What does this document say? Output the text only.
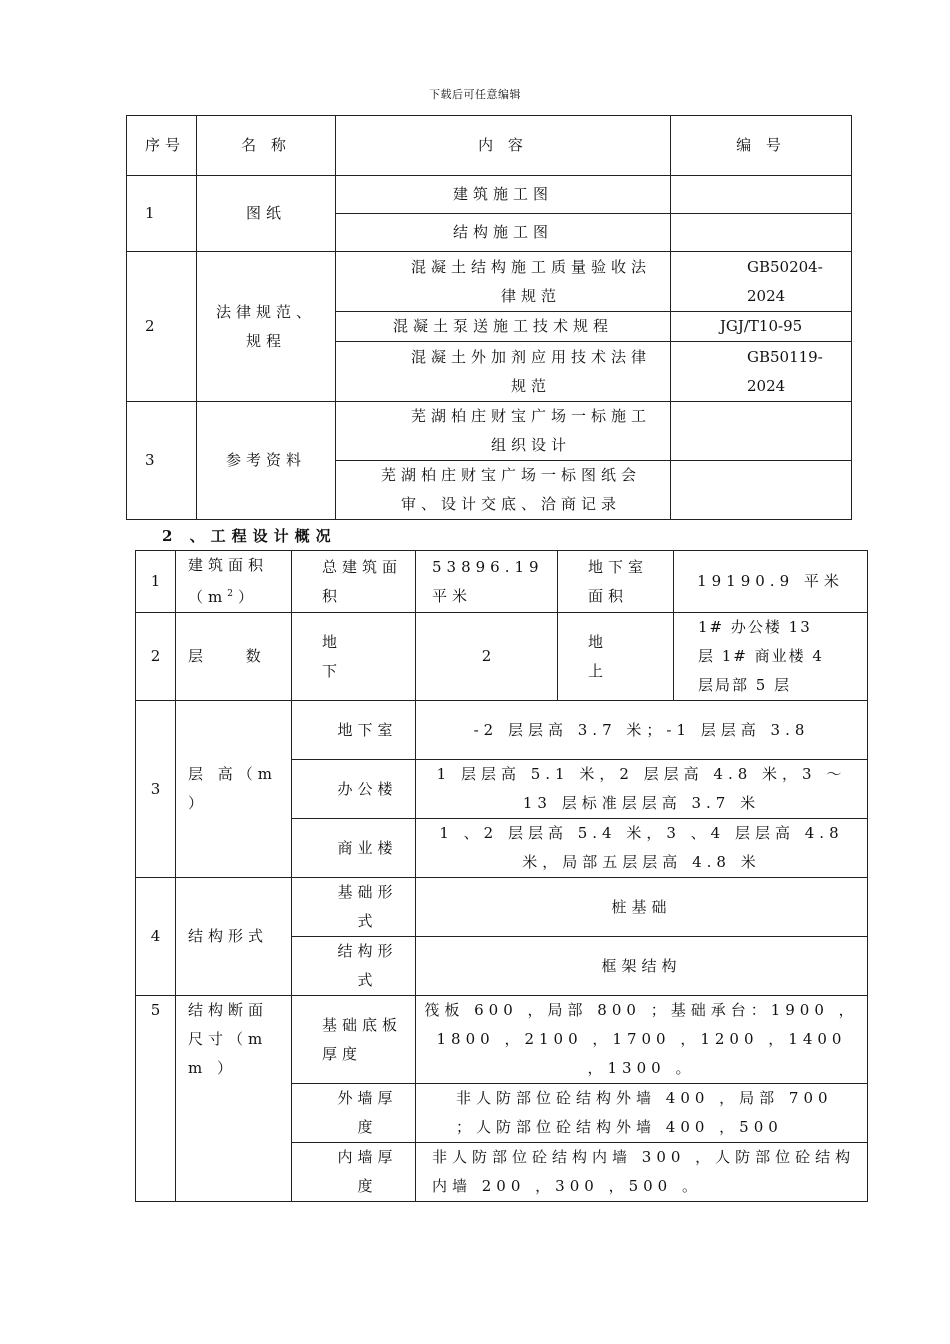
下载后可任意编辑
序号	名 称	内 容	编 号
1	图纸	建筑施工图	
		结构施工图	
2	法律规范、规程	混凝土结构施工质量验收法律规范	GB50204-2024
		混凝土泵送施工技术规程	JGJ/T10-95
		混凝土外加剂应用技术法律规范	GB50119-2024
3	参考资料	芜湖柏庄财宝广场一标施工组织设计	
		芜湖柏庄财宝广场一标图纸会审、设计交底、洽商记录	
2 、工程设计概况
1	建筑面积$(m^2)$	总建筑面积	53896.19 平米	地下室面积	19190.9 平米
2	层 数	地下	2	地上	1# 办公楼 13 层 1# 商业楼 4 层局部 5 层
3	层 高（m ）	地下室	-2 层层高 3.7 米；-1 层层高 3.8		
		办公楼	1 层层高 5.1 米，2 层层高 4.8 米，3 ～13 层标准层层高 3.7 米		
		商业楼	1 、2 层层高 5.4 米，3 、4 层层高 4.8 米，局部五层层高 4.8 米		
4	结构形式	基础形式	桩基础		
		结构形式	框架结构		
5	结构断面尺寸（mm ）	基础底板厚度	筏板 600 ，局部 800 ；基础承台：1900 ，1800 ，2100 ，1700 ，1200 ，1400 ，1300 。		
		外墙厚度	非人防部位砼结构外墙 400 ，局部 700 ；人防部位砼结构外墙 400 ，500		
		内墙厚度	非人防部位砼结构内墙 300 ，人防部位砼结构内墙 200 ，300 ，500 。		
